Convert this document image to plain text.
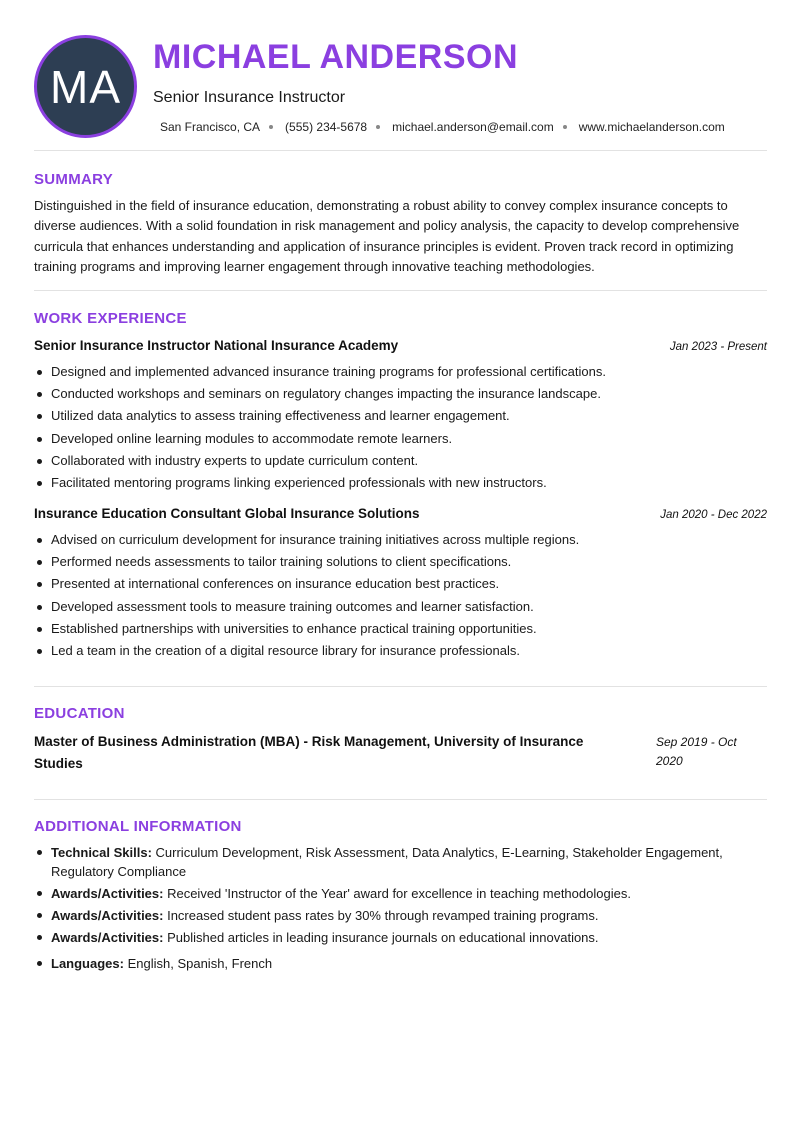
MA
MICHAEL ANDERSON
Senior Insurance Instructor
San Francisco, CA (555) 234-5678 michael.anderson@email.com www.michaelanderson.com
SUMMARY

Distinguished in the field of insurance education, demonstrating a robust ability to convey complex insurance concepts to diverse audiences. With a solid foundation in risk management and policy analysis, the capacity to develop comprehensive curricula that enhances understanding and application of insurance principles is evident. Proven track record in optimizing training programs and improving learner engagement through innovative teaching methodologies.

WORK EXPERIENCE
Senior Insurance Instructor National Insurance Academy	Jan 2023 - Present
Designed and implemented advanced insurance training programs for professional certifications.
Conducted workshops and seminars on regulatory changes impacting the insurance landscape.
Utilized data analytics to assess training effectiveness and learner engagement.
Developed online learning modules to accommodate remote learners.
Collaborated with industry experts to update curriculum content.
Facilitated mentoring programs linking experienced professionals with new instructors.
Insurance Education Consultant Global Insurance Solutions	Jan 2020 - Dec 2022
Advised on curriculum development for insurance training initiatives across multiple regions.
Performed needs assessments to tailor training solutions to client specifications.
Presented at international conferences on insurance education best practices.
Developed assessment tools to measure training outcomes and learner satisfaction.
Established partnerships with universities to enhance practical training opportunities.
Led a team in the creation of a digital resource library for insurance professionals.
EDUCATION
Master of Business Administration (MBA) - Risk Management, University of Insurance Studies
Sep 2019 - Oct 2020
ADDITIONAL INFORMATION
Technical Skills: Curriculum Development, Risk Assessment, Data Analytics, E-Learning, Stakeholder Engagement, Regulatory Compliance
Awards/Activities: Received 'Instructor of the Year' award for excellence in teaching methodologies.
Awards/Activities: Increased student pass rates by 30% through revamped training programs.
Awards/Activities: Published articles in leading insurance journals on educational innovations.
Languages: English, Spanish, French
